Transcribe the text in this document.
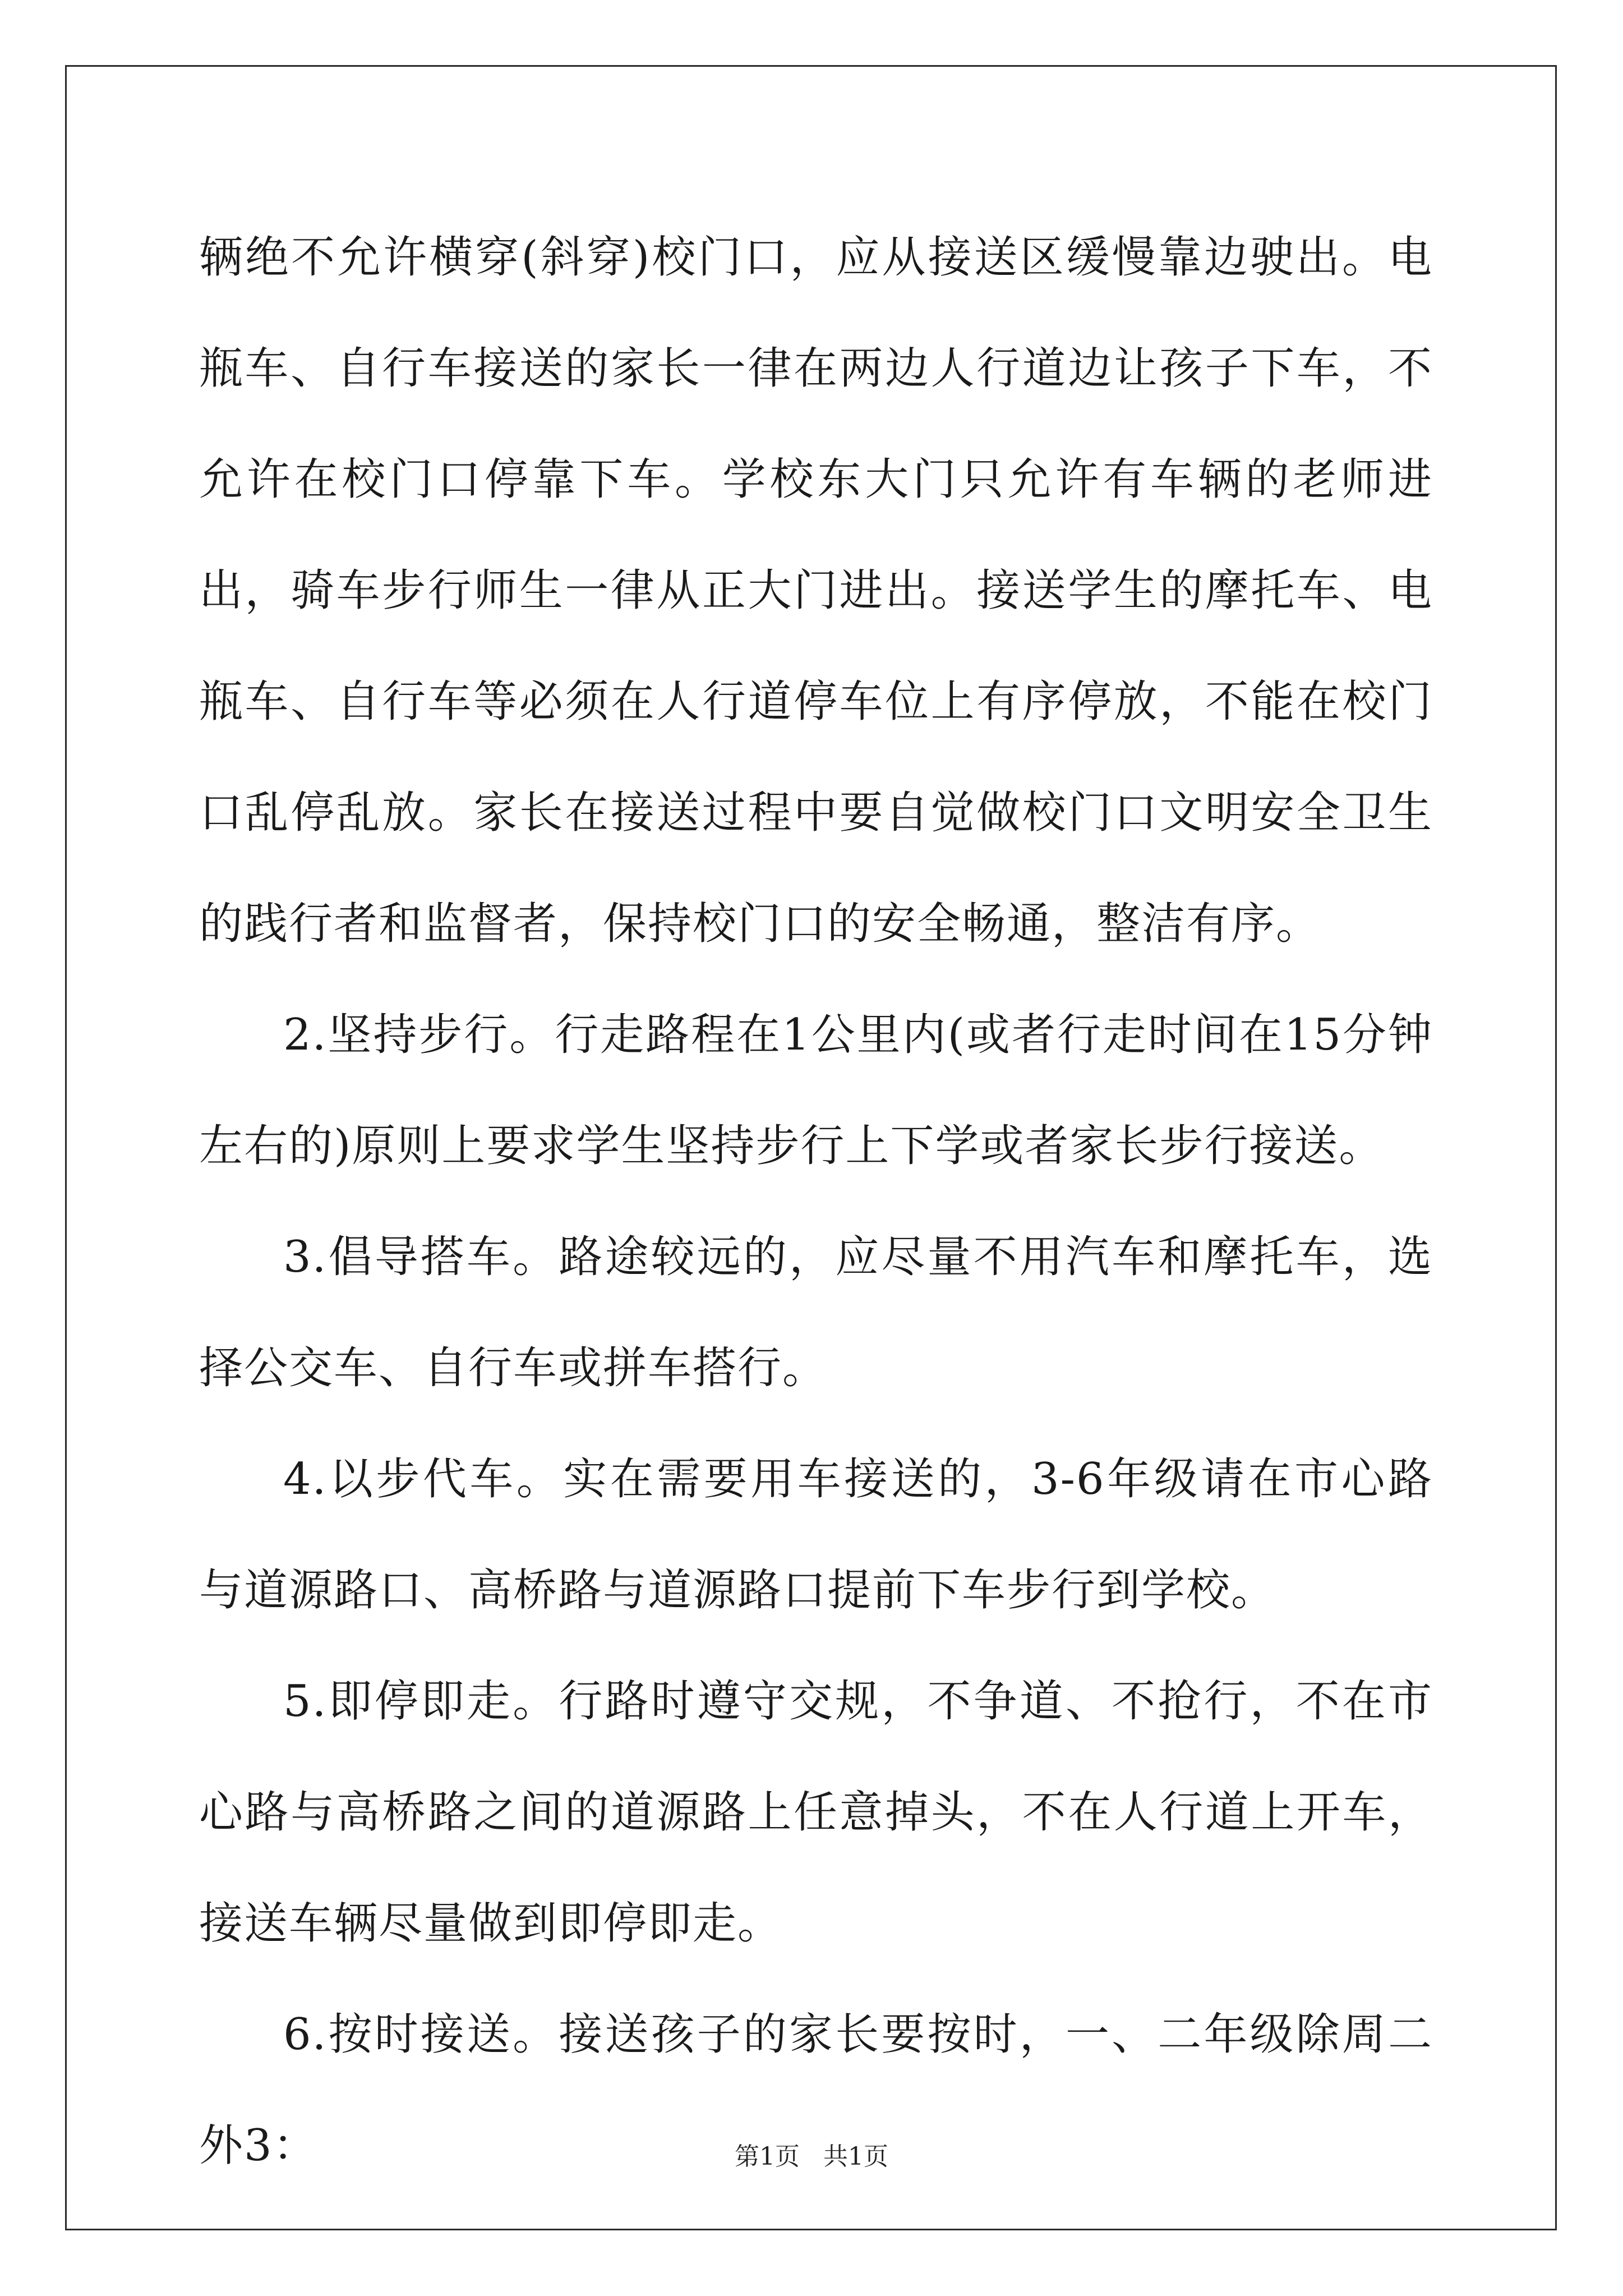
辆绝不允许横穿(斜穿)校门口，应从接送区缓慢靠边驶出。电瓶车、自行车接送的家长一律在两边人行道边让孩子下车，不允许在校门口停靠下车。学校东大门只允许有车辆的老师进出，骑车步行师生一律从正大门进出。接送学生的摩托车、电瓶车、自行车等必须在人行道停车位上有序停放，不能在校门口乱停乱放。家长在接送过程中要自觉做校门口文明安全卫生的践行者和监督者，保持校门口的安全畅通，整洁有序。

2.坚持步行。行走路程在1公里内(或者行走时间在15分钟左右的)原则上要求学生坚持步行上下学或者家长步行接送。

3.倡导搭车。路途较远的，应尽量不用汽车和摩托车，选择公交车、自行车或拼车搭行。

4.以步代车。实在需要用车接送的，3-6年级请在市心路与道源路口、高桥路与道源路口提前下车步行到学校。

5.即停即走。行路时遵守交规，不争道、不抢行，不在市心路与高桥路之间的道源路上任意掉头，不在人行道上开车，接送车辆尽量做到即停即走。

6.按时接送。接送孩子的家长要按时，一、二年级除周二外3：	第1页 共1页
